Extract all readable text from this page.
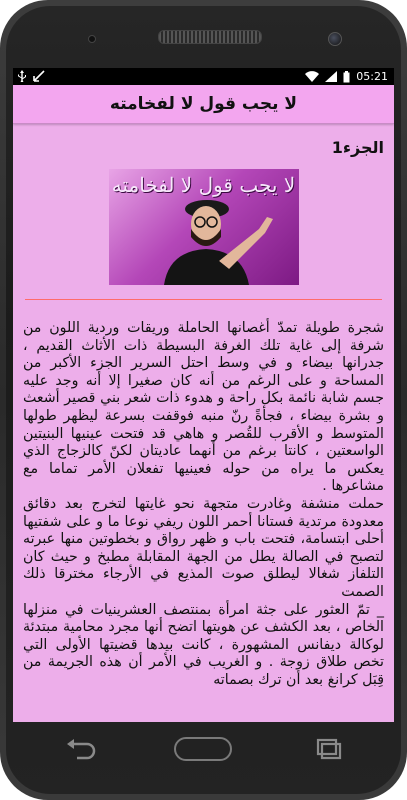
05:21
لا يجب قول لا لفخامته
الجزء1
لا يجب قول لا لفخامته
شجرة طويلة تمدّ أغصانها الحاملة وريقات وردية اللون من شرفة إلى غاية تلك الغرفة البسيطة ذات الأثاث القديم ، جدرانها بيضاء و في وسط احتل السرير الجزء الأكبر من المساحة و على الرغم من أنه كان صغيرا إلا أنه وجد عليه جسم شابة نائمة بكل راحة و هدوء ذات شعر بني قصير أشعث و بشرة بيضاء ، فجأةً رنّ منبه فوقفت بسرعة ليظهر طولها المتوسط و الأقرب للقُصر و هاهي قد فتحت عينيها البنيتين الواسعتين ، كانتا برغم من أنهما عاديتان لكنّ كالزجاج الذي يعكس ما يراه من حوله فعينيها تفعلان الأمر تماما مع مشاعرها .
حملت منشفة وغادرت متجهة نحو غايتها لتخرج بعد دقائق معدودة مرتدية فستانا أحمر اللون ريفي نوعا ما و على شفتيها أحلى ابتسامة، فتحت باب و ظهر رواق و بخطوتين منها عبرته لتصبح في الصالة يطل من الجهة المقابلة مطبخ و حيث كان التلفاز شغالا ليطلق صوت المذيع في الأرجاء مخترقا ذلك الصمت
_ تمّ العثور على جثة امرأة بمنتصف العشرينيات في منزلها الخاص ، بعد الكشف عن هويتها اتضح أنها مجرد محامية مبتدئة لوكالة ديفانس المشهورة ، كانت بيدها قضيتها الأولى التي تخص طلاق زوجة . و الغريب في الأمر أن هذه الجريمة من قِبَل كرانغ بعد أن ترك بصماته
